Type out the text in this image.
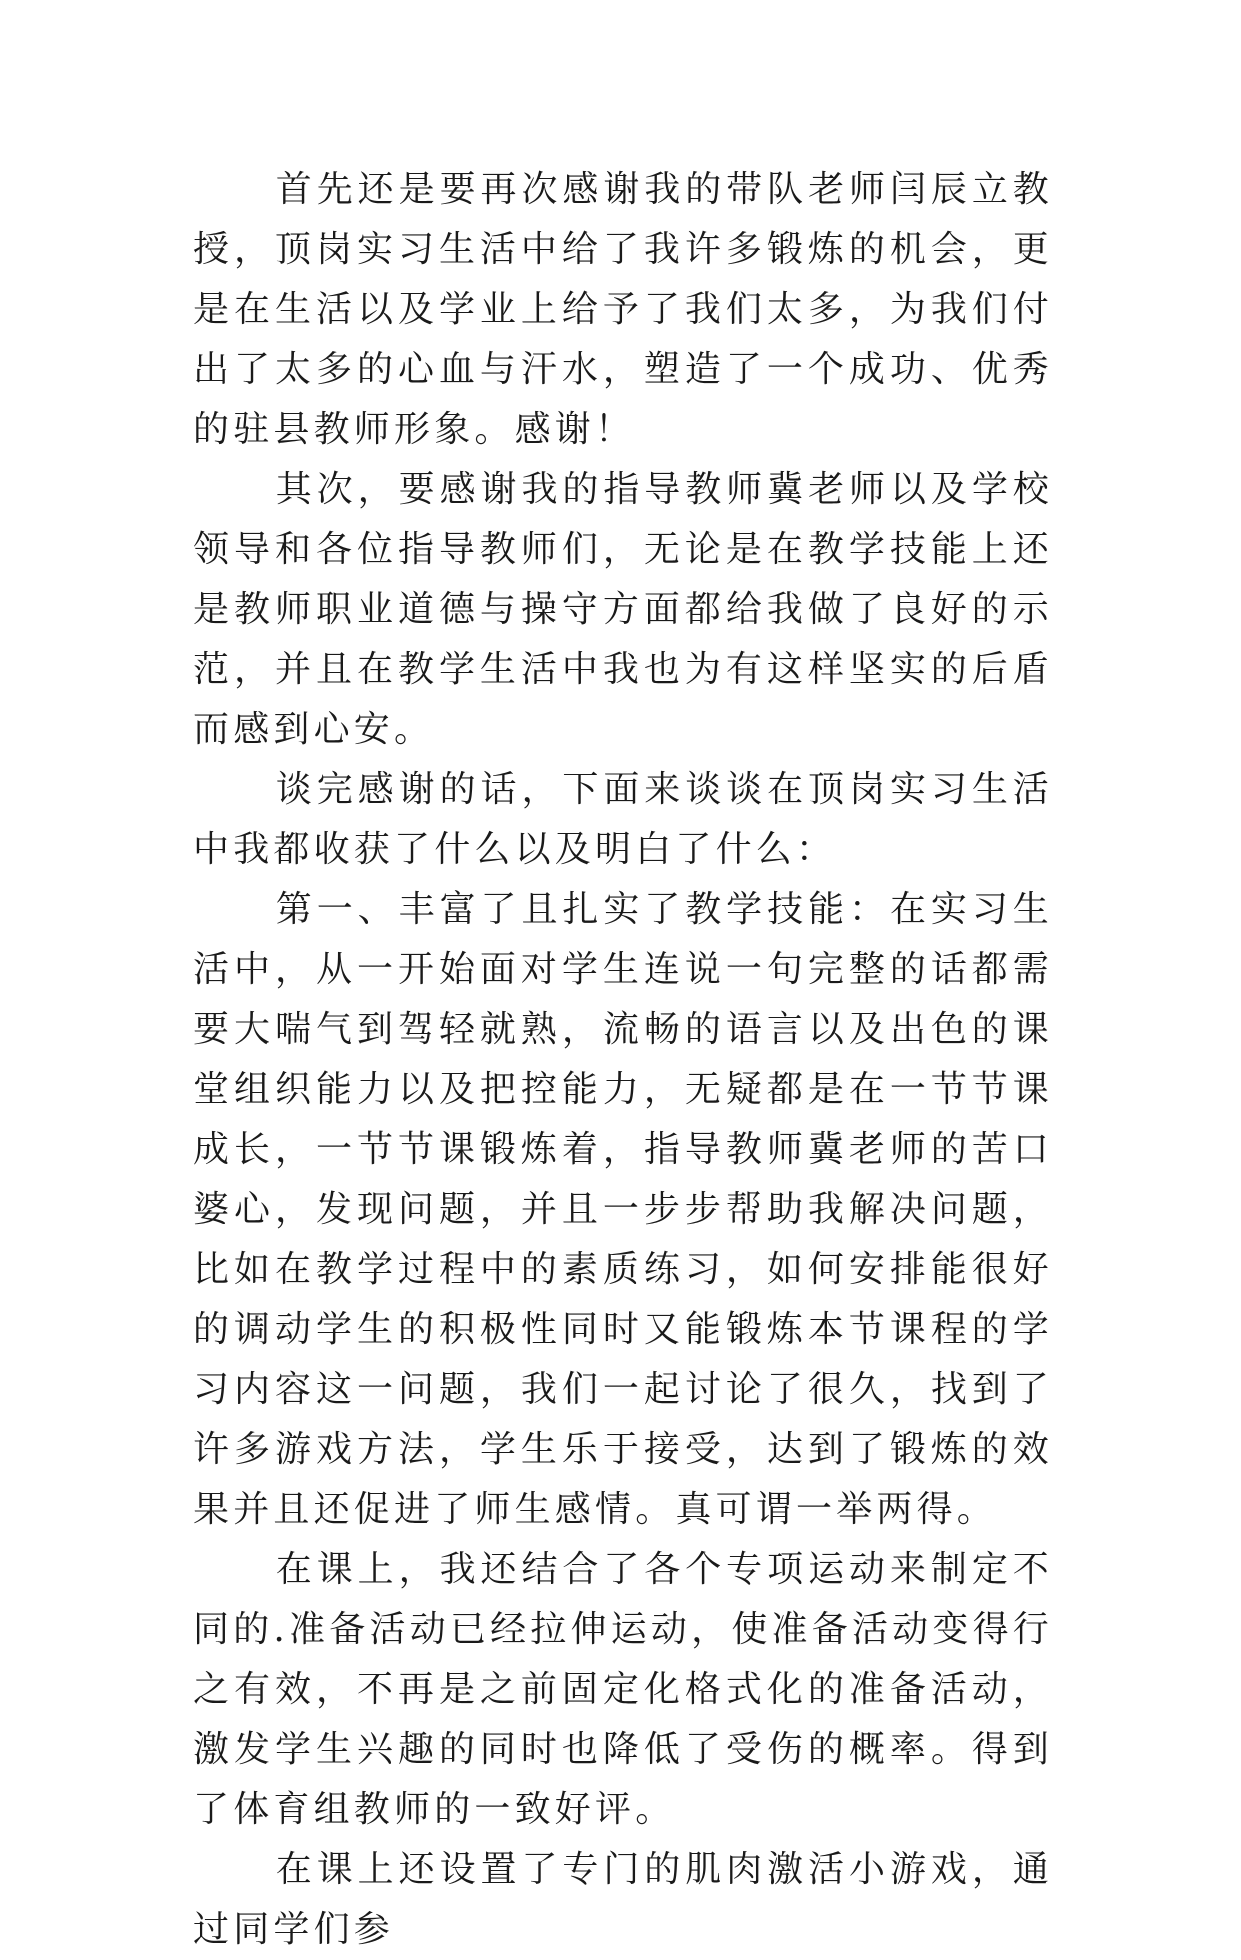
首先还是要再次感谢我的带队老师闫辰立教授，顶岗实习生活中给了我许多锻炼的机会，更是在生活以及学业上给予了我们太多，为我们付出了太多的心血与汗水，塑造了一个成功、优秀的驻县教师形象。感谢！

其次，要感谢我的指导教师冀老师以及学校领导和各位指导教师们，无论是在教学技能上还是教师职业道德与操守方面都给我做了良好的示范，并且在教学生活中我也为有这样坚实的后盾而感到心安。

谈完感谢的话，下面来谈谈在顶岗实习生活中我都收获了什么以及明白了什么：

第一、丰富了且扎实了教学技能：在实习生活中，从一开始面对学生连说一句完整的话都需要大喘气到驾轻就熟，流畅的语言以及出色的课堂组织能力以及把控能力，无疑都是在一节节课成长，一节节课锻炼着，指导教师冀老师的苦口婆心，发现问题，并且一步步帮助我解决问题，比如在教学过程中的素质练习，如何安排能很好的调动学生的积极性同时又能锻炼本节课程的学习内容这一问题，我们一起讨论了很久，找到了许多游戏方法，学生乐于接受，达到了锻炼的效果并且还促进了师生感情。真可谓一举两得。

在课上，我还结合了各个专项运动来制定不同的.准备活动已经拉伸运动，使准备活动变得行之有效，不再是之前固定化格式化的准备活动，激发学生兴趣的同时也降低了受伤的概率。得到了体育组教师的一致好评。

在课上还设置了专门的肌肉激活小游戏，通过同学们参
